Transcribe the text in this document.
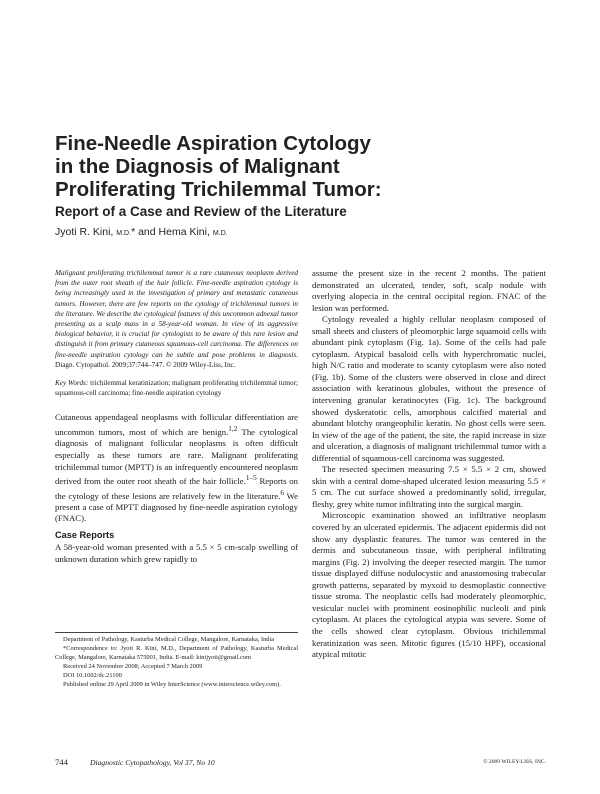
Fine-Needle Aspiration Cytology
in the Diagnosis of Malignant
Proliferating Trichilemmal Tumor:
Report of a Case and Review of the Literature
Jyoti R. Kini, M.D.* and Hema Kini, M.D.

Malignant proliferating trichilemmal tumor is a rare cutaneous neoplasm derived from the outer root sheath of the hair follicle. Fine-needle aspiration cytology is being increasingly used in the investigation of primary and metastatic cutaneous tumors. However, there are few reports on the cytology of trichilemmal tumors in the literature. We describe the cytological features of this uncommon adnexal tumor presenting as a scalp mass in a 58-year-old woman. In view of its aggressive biological behavior, it is crucial for cytologists to be aware of this rare lesion and distinguish it from primary cutaneous squamous-cell carcinoma. The differences on fine-needle aspiration cytology can be subtle and pose problems in diagnosis. Diagn. Cytopathol. 2009;37:744–747. © 2009 Wiley-Liss, Inc.

Key Words: trichilemmal keratinization; malignant proliferating trichilemmal tumor; squamous-cell carcinoma; fine-needle aspiration cytology

Cutaneous appendageal neoplasms with follicular differentiation are uncommon tumors, most of which are benign.$^{1,2}$ The cytological diagnosis of malignant follicular neoplasms is often difficult especially as these tumors are rare. Malignant proliferating trichilemmal tumor (MPTT) is an infrequently encountered neoplasm derived from the outer root sheath of the hair follicle.$^{1-5}$ Reports on the cytology of these lesions are relatively few in the literature.$^6$ We present a case of MPTT diagnosed by fine-needle aspiration cytology (FNAC).

Case Reports

A 58-year-old woman presented with a 5.5 × 5 cm-scalp swelling of unknown duration which grew rapidly to

Department of Pathology, Kasturba Medical College, Mangalore, Karnataka, India

*Correspondence to: Jyoti R. Kini, M.D., Department of Pathology, Kasturba Medical College, Mangalore, Karnataka 575001, India. E-mail: kinijyoti@gmail.com

Received 24 November 2008; Accepted 7 March 2009

DOI 10.1002/dc.21100

Published online 29 April 2009 in Wiley InterScience (www.interscience.wiley.com).

assume the present size in the recent 2 months. The patient demonstrated an ulcerated, tender, soft, scalp nodule with overlying alopecia in the central occipital region. FNAC of the lesion was performed.

Cytology revealed a highly cellular neoplasm composed of small sheets and clusters of pleomorphic large squamoid cells with abundant pink cytoplasm (Fig. 1a). Some of the cells had pale cytoplasm. Atypical basaloid cells with hyperchromatic nuclei, high N/C ratio and moderate to scanty cytoplasm were also noted (Fig. 1b). Some of the clusters were observed in close and direct association with keratinous globules, without the presence of intervening granular keratinocytes (Fig. 1c). The background showed dyskeratotic cells, amorphous calcified material and abundant blotchy orangeophilic keratin. No ghost cells were seen. In view of the age of the patient, the site, the rapid increase in size and ulceration, a diagnosis of malignant trichilemmal tumor with a differential of squamous-cell carcinoma was suggested.

The resected specimen measuring 7.5 × 5.5 × 2 cm, showed skin with a central dome-shaped ulcerated lesion measuring 5.5 × 5 cm. The cut surface showed a predominantly solid, irregular, fleshy, grey white tumor infiltrating into the surgical margin.

Microscopic examination showed an infiltrative neoplasm covered by an ulcerated epidermis. The adjacent epidermis did not show any dysplastic features. The tumor was centered in the dermis and subcutaneous tissue, with peripheral infiltrating margins (Fig. 2) involving the deeper resected margin. The tumor tissue displayed diffuse nodulocystic and anastomosing trabecular growth patterns, separated by myxoid to desmoplastic connective tissue stroma. The neoplastic cells had moderately pleomorphic, vesicular nuclei with prominent eosinophilic nucleoli and pink cytoplasm. At places the cytological atypia was severe. Some of the cells showed clear cytoplasm. Obvious trichilemmal keratinization was seen. Mitotic figures (15/10 HPF), occasional atypical mitotic

744	Diagnostic Cytopathology, Vol 37, No 10	© 2009 WILEY-LISS, INC.
